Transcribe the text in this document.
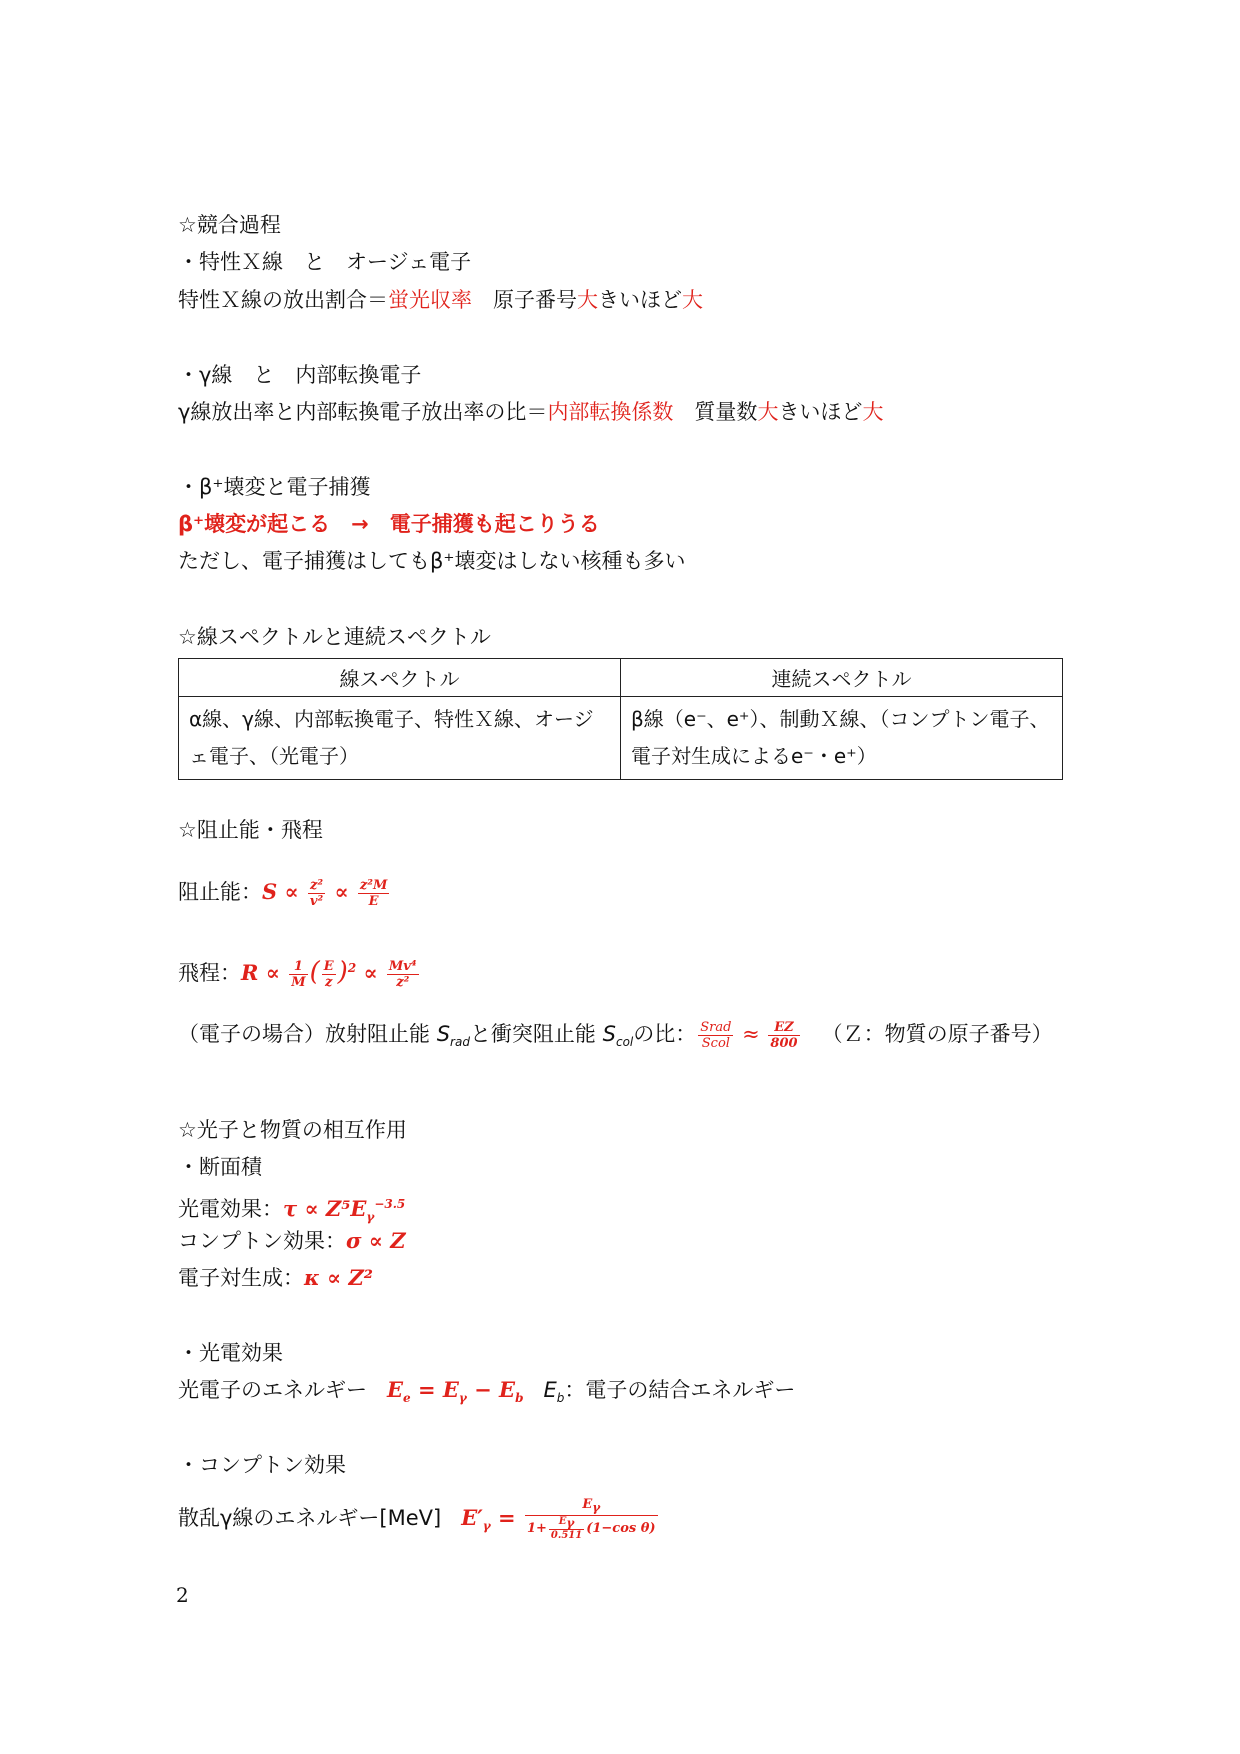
☆競合過程
・特性Ｘ線　と　オージェ電子
特性Ｘ線の放出割合＝蛍光収率　原子番号大きいほど大
・γ線　と　内部転換電子
γ線放出率と内部転換電子放出率の比＝内部転換係数　質量数大きいほど大
・β⁺壊変と電子捕獲
β⁺壊変が起こる　→　電子捕獲も起こりうる
ただし、電子捕獲はしてもβ⁺壊変はしない核種も多い
☆線スペクトルと連続スペクトル
線スペクトル	連続スペクトル
α線、γ線、内部転換電子、特性Ｘ線、オージェ電子、（光電子）	β線（e⁻、e⁺）、制動Ｘ線、（コンプトン電子、電子対生成によるe⁻・e⁺）
☆阻止能・飛程
阻止能：$S \propto \frac{\text{z²}}{\text{v²}} \propto \frac{\text{z²M}}{E}$
飛程：$R \propto \frac{1}{M}$ ( $\frac{E}{z} )^2 \propto \frac{\text{Mv⁴}}{\text{z²}}$
（電子の場合）放射阻止能 $S_{rad}$と衝突阻止能 $S_{col}$の比： $\frac{\text{Srad}}{\text{Scol}} \approx \frac{EZ}{800}$ （Ｚ：物質の原子番号）
☆光子と物質の相互作用
・断面積
光電効果：$\tau \propto Z^5E_\gamma^{-3.5}$
コンプトン効果：σ ∝ Z
電子対生成：κ ∝ Z²
・光電効果
光電子のエネルギー $E_e = E_\gamma - E_b$ $E_b$：電子の結合エネルギー
・コンプトン効果
散乱γ線のエネルギー[MeV] $E'_\gamma = \frac{E_\gamma}{1+ \frac{E_\gamma}{0.511} (1-\cos \theta)}$
2
